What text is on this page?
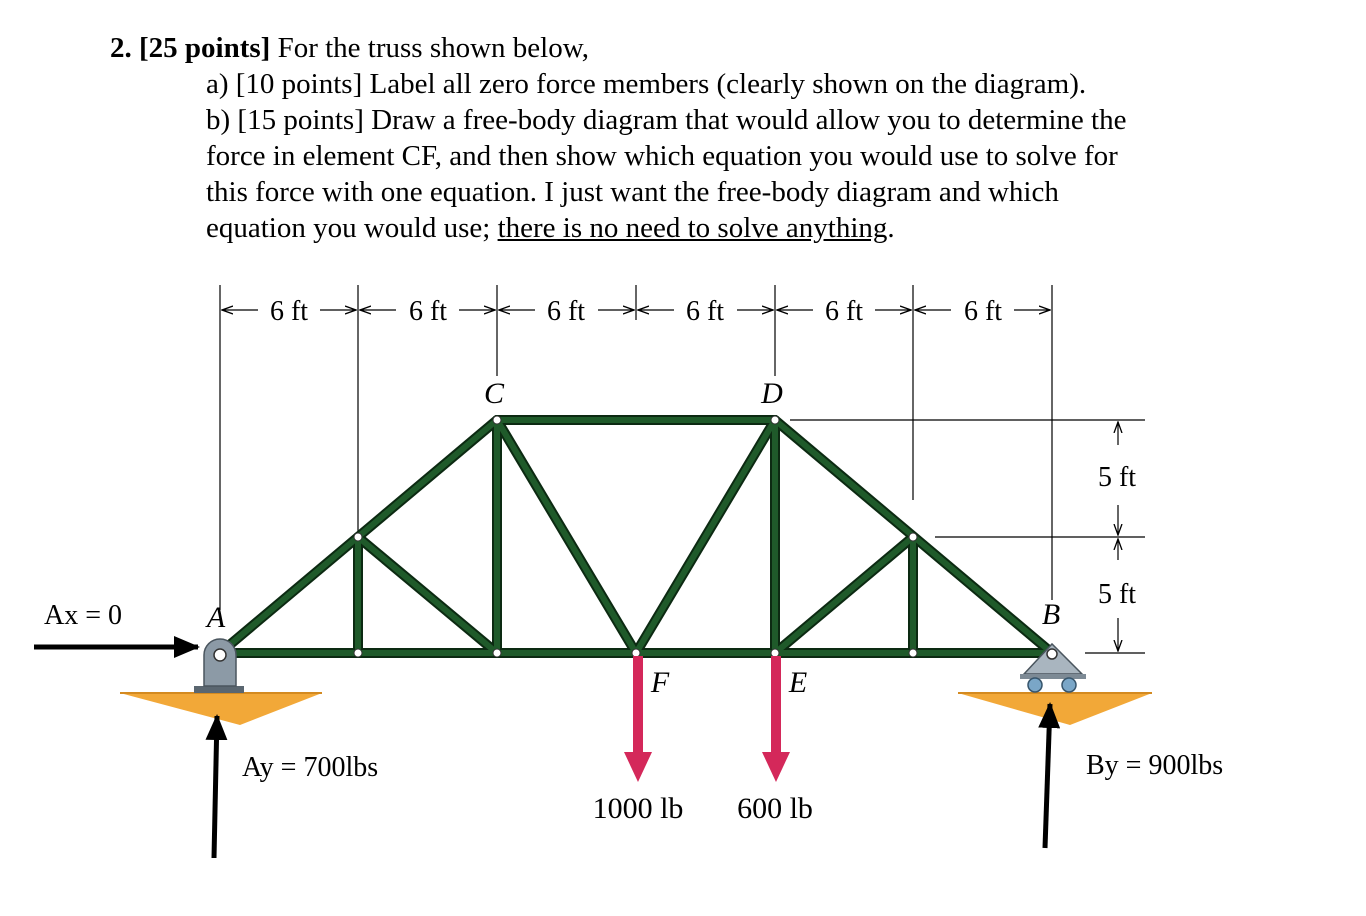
2. [25 points] For the truss shown below,
a) [10 points] Label all zero force members (clearly shown on the diagram).
b) [15 points] Draw a free-body diagram that would allow you to determine the
force in element CF, and then show which equation you would use to solve for
this force with one equation. I just want the free-body diagram and which
equation you would use; there is no need to solve anything.
6 ft	6 ft	6 ft	6 ft	6 ft	6 ft
5 ft
5 ft
C	D
A	B
F	E
1000 lb 600 lb
Ax = 0
Ay = 700lbs	By = 900lbs
